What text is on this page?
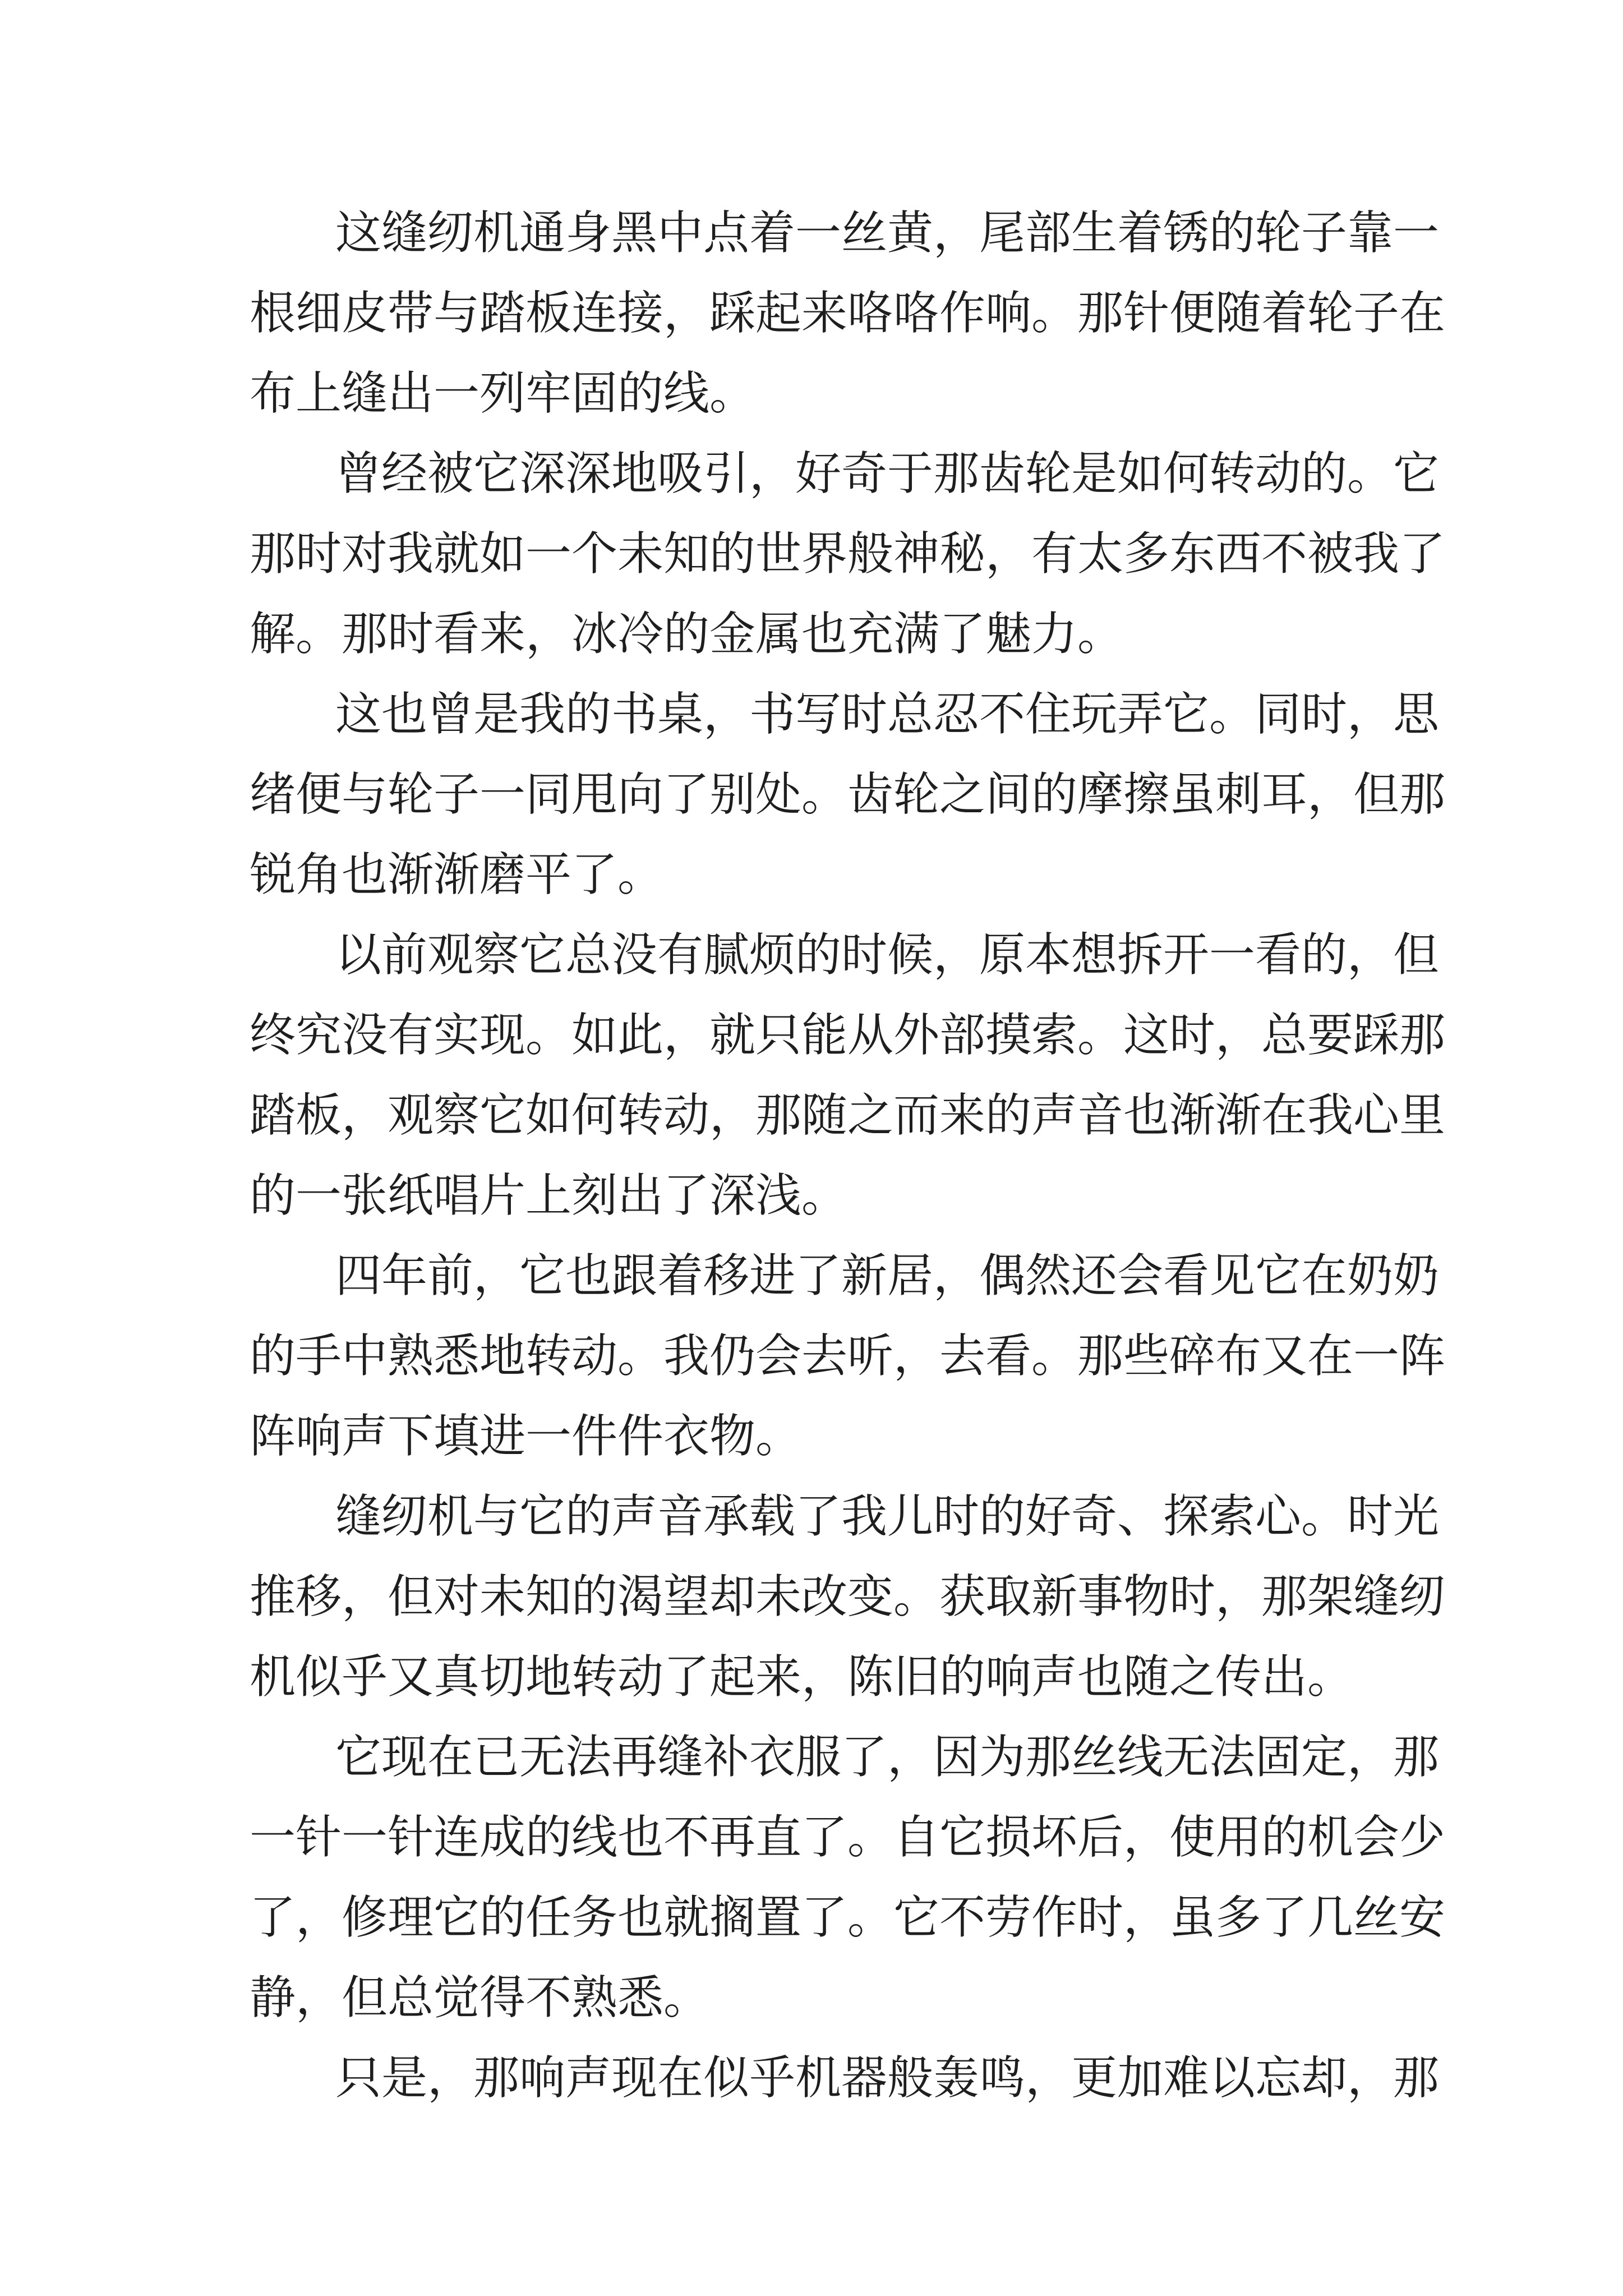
这缝纫机通身黑中点着一丝黄，尾部生着锈的轮子靠一
根细皮带与踏板连接，踩起来咯咯作响。那针便随着轮子在
布上缝出一列牢固的线。
曾经被它深深地吸引，好奇于那齿轮是如何转动的。它
那时对我就如一个未知的世界般神秘，有太多东西不被我了
解。那时看来，冰冷的金属也充满了魅力。
这也曾是我的书桌，书写时总忍不住玩弄它。同时，思
绪便与轮子一同甩向了别处。齿轮之间的摩擦虽刺耳，但那
锐角也渐渐磨平了。
以前观察它总没有腻烦的时候，原本想拆开一看的，但
终究没有实现。如此，就只能从外部摸索。这时，总要踩那
踏板，观察它如何转动，那随之而来的声音也渐渐在我心里
的一张纸唱片上刻出了深浅。
四年前，它也跟着移进了新居，偶然还会看见它在奶奶
的手中熟悉地转动。我仍会去听，去看。那些碎布又在一阵
阵响声下填进一件件衣物。
缝纫机与它的声音承载了我儿时的好奇、探索心。时光
推移，但对未知的渴望却未改变。获取新事物时，那架缝纫
机似乎又真切地转动了起来，陈旧的响声也随之传出。
它现在已无法再缝补衣服了，因为那丝线无法固定，那
一针一针连成的线也不再直了。自它损坏后，使用的机会少
了，修理它的任务也就搁置了。它不劳作时，虽多了几丝安
静，但总觉得不熟悉。
只是，那响声现在似乎机器般轰鸣，更加难以忘却，那
